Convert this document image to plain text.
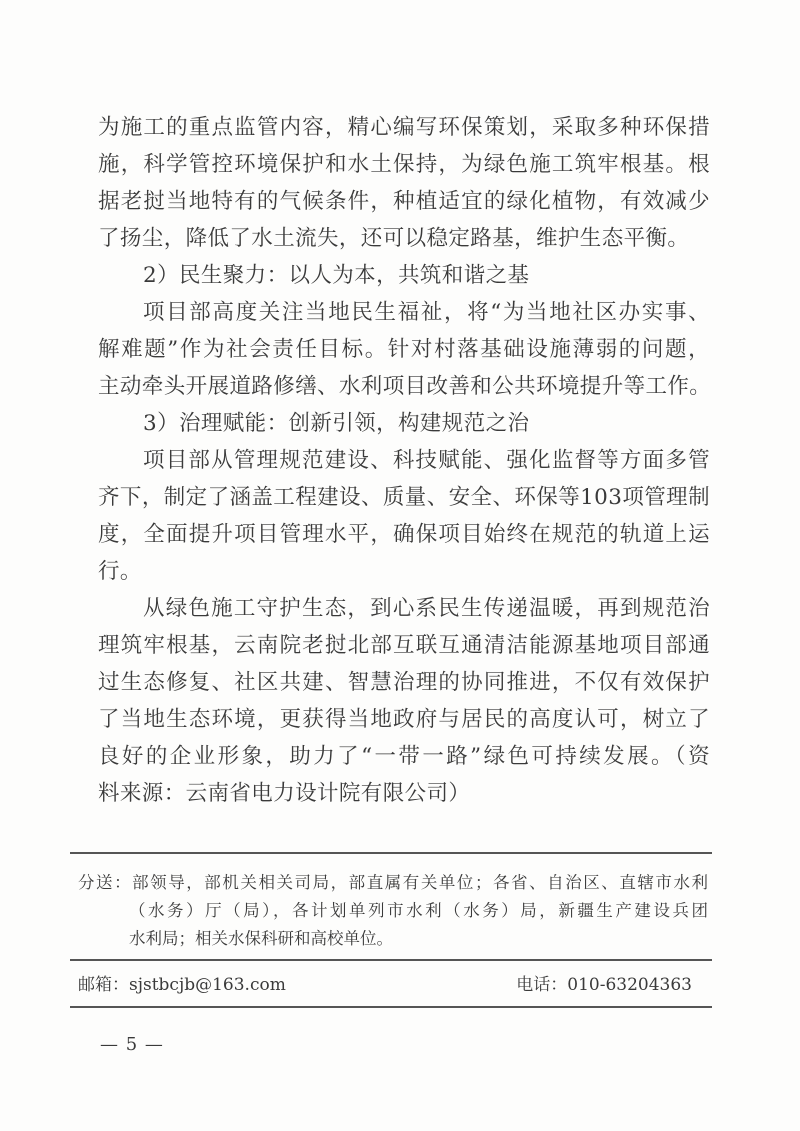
为施工的重点监管内容，精心编写环保策划，采取多种环保措
施，科学管控环境保护和水土保持，为绿色施工筑牢根基。根
据老挝当地特有的气候条件，种植适宜的绿化植物，有效减少
了扬尘，降低了水土流失，还可以稳定路基，维护生态平衡。
2）民生聚力：以人为本，共筑和谐之基
项目部高度关注当地民生福祉，将“为当地社区办实事、
解难题”作为社会责任目标。针对村落基础设施薄弱的问题，
主动牵头开展道路修缮、水利项目改善和公共环境提升等工作。
3）治理赋能：创新引领，构建规范之治
项目部从管理规范建设、科技赋能、强化监督等方面多管
齐下，制定了涵盖工程建设、质量、安全、环保等103项管理制
度，全面提升项目管理水平，确保项目始终在规范的轨道上运
行。
从绿色施工守护生态，到心系民生传递温暖，再到规范治
理筑牢根基，云南院老挝北部互联互通清洁能源基地项目部通
过生态修复、社区共建、智慧治理的协同推进，不仅有效保护
了当地生态环境，更获得当地政府与居民的高度认可，树立了
良好的企业形象，助力了“一带一路”绿色可持续发展。（资
料来源：云南省电力设计院有限公司）
分送：部领导，部机关相关司局，部直属有关单位；各省、自治区、直辖市水利
（水务）厅（局），各计划单列市水利（水务）局，新疆生产建设兵团
水利局；相关水保科研和高校单位。
邮箱：sjstbcjb@163.com	电话：010-63204363
— 5 —
